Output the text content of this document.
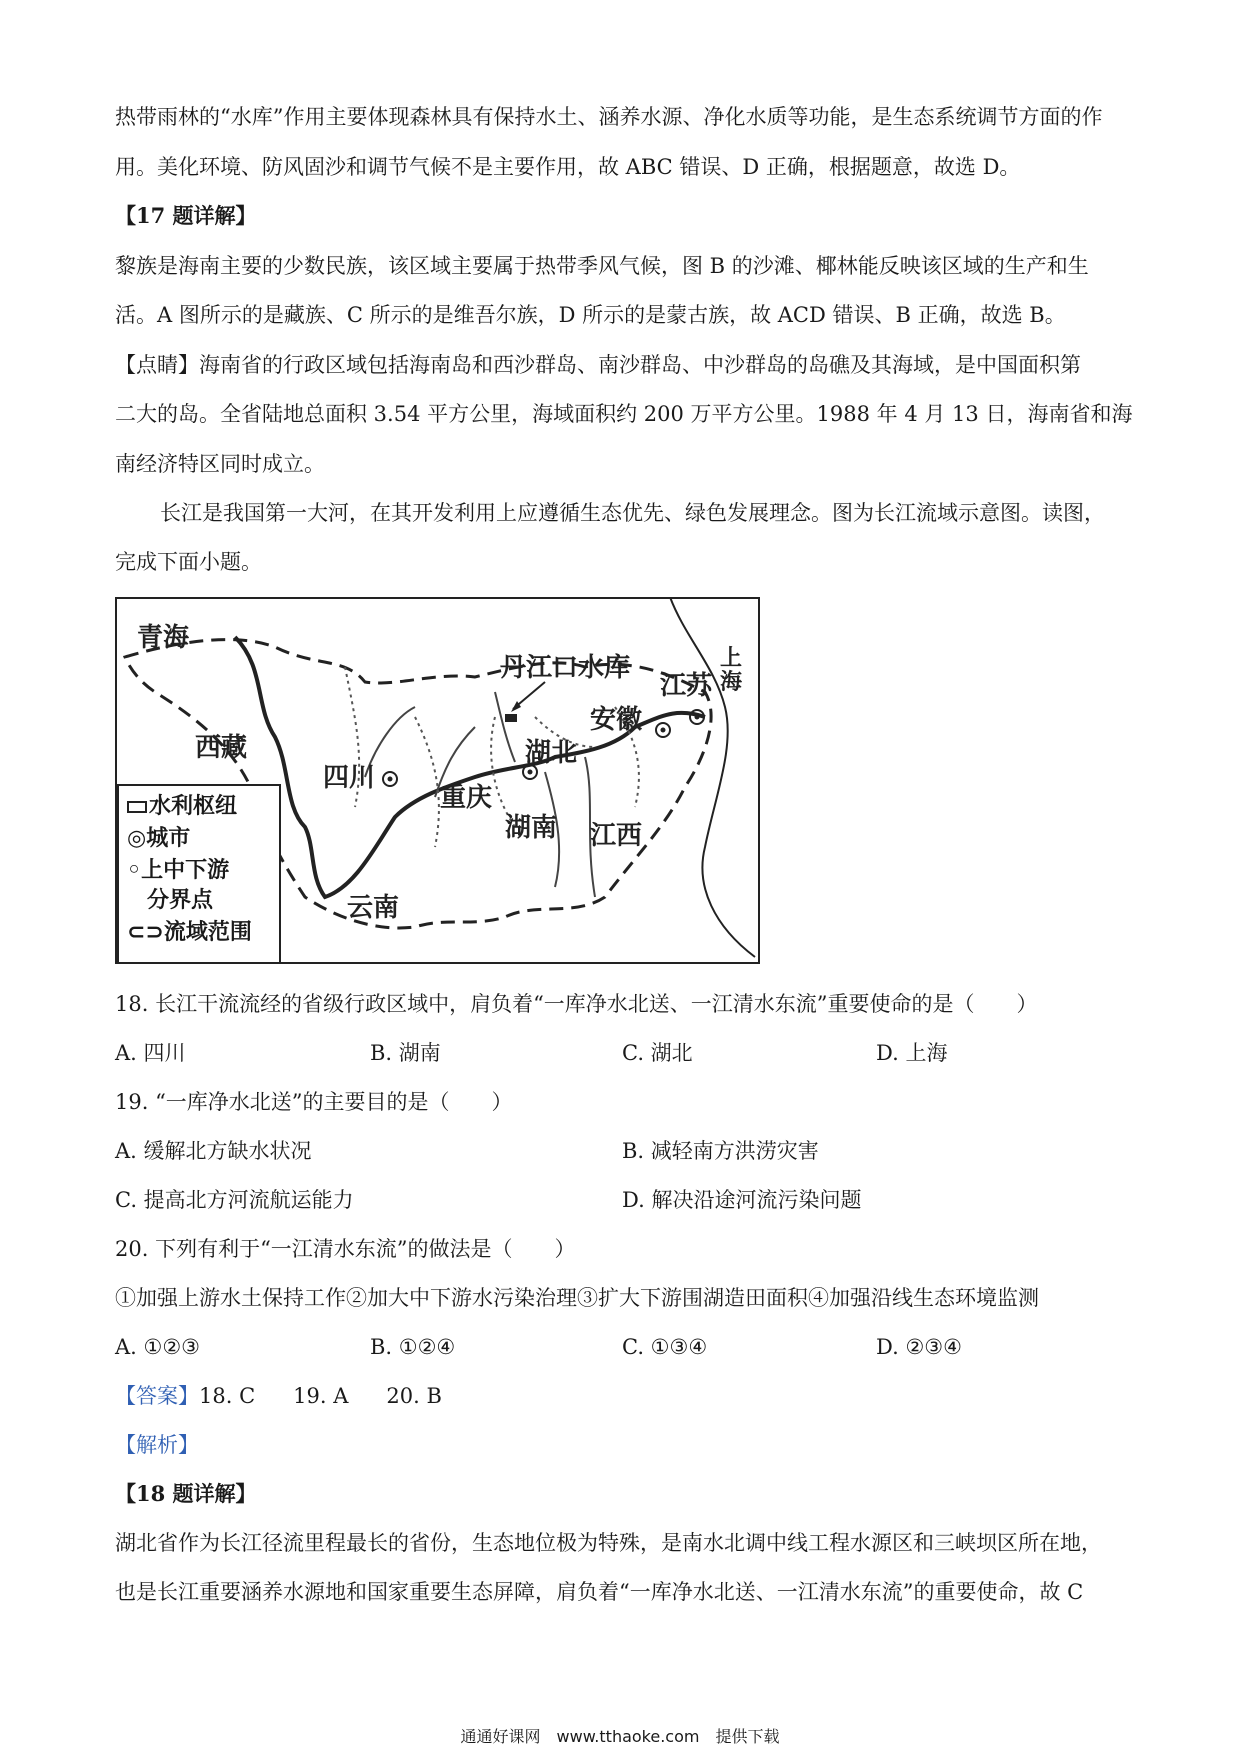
热带雨林的“水库”作用主要体现森林具有保持水土、涵养水源、净化水质等功能，是生态系统调节方面的作
用。美化环境、防风固沙和调节气候不是主要作用，故 ABC 错误、D 正确，根据题意，故选 D。
【17 题详解】
黎族是海南主要的少数民族，该区域主要属于热带季风气候，图 B 的沙滩、椰林能反映该区域的生产和生
活。A 图所示的是藏族、C 所示的是维吾尔族，D 所示的是蒙古族，故 ACD 错误、B 正确，故选 B。
【点睛】海南省的行政区域包括海南岛和西沙群岛、南沙群岛、中沙群岛的岛礁及其海域，是中国面积第
二大的岛。全省陆地总面积 3.54 平方公里，海域面积约 200 万平方公里。1988 年 4 月 13 日，海南省和海
南经济特区同时成立。
长江是我国第一大河，在其开发利用上应遵循生态优先、绿色发展理念。图为长江流域示意图。读图，
完成下面小题。
青海
西藏
四川
重庆
云南
湖北
湖南 江西
安徽
江苏
上海
丹江口水库
水利枢纽
◎城市
◦上中下游
分界点
⊂⊃流域范围
18. 长江干流流经的省级行政区域中，肩负着“一库净水北送、一江清水东流”重要使命的是（　　）
A. 四川	B. 湖南	C. 湖北	D. 上海
19. “一库净水北送”的主要目的是（　　）
A. 缓解北方缺水状况	B. 减轻南方洪涝灾害
C. 提高北方河流航运能力	D. 解决沿途河流污染问题
20. 下列有利于“一江清水东流”的做法是（　　）
①加强上游水土保持工作②加大中下游水污染治理③扩大下游围湖造田面积④加强沿线生态环境监测
A. ①②③	B. ①②④	C. ①③④	D. ②③④
【答案】18. C 19. A 20. B
【解析】
【18 题详解】
湖北省作为长江径流里程最长的省份，生态地位极为特殊，是南水北调中线工程水源区和三峡坝区所在地，
也是长江重要涵养水源地和国家重要生态屏障，肩负着“一库净水北送、一江清水东流”的重要使命，故 C
通通好课网　www.tthaoke.com　提供下载
